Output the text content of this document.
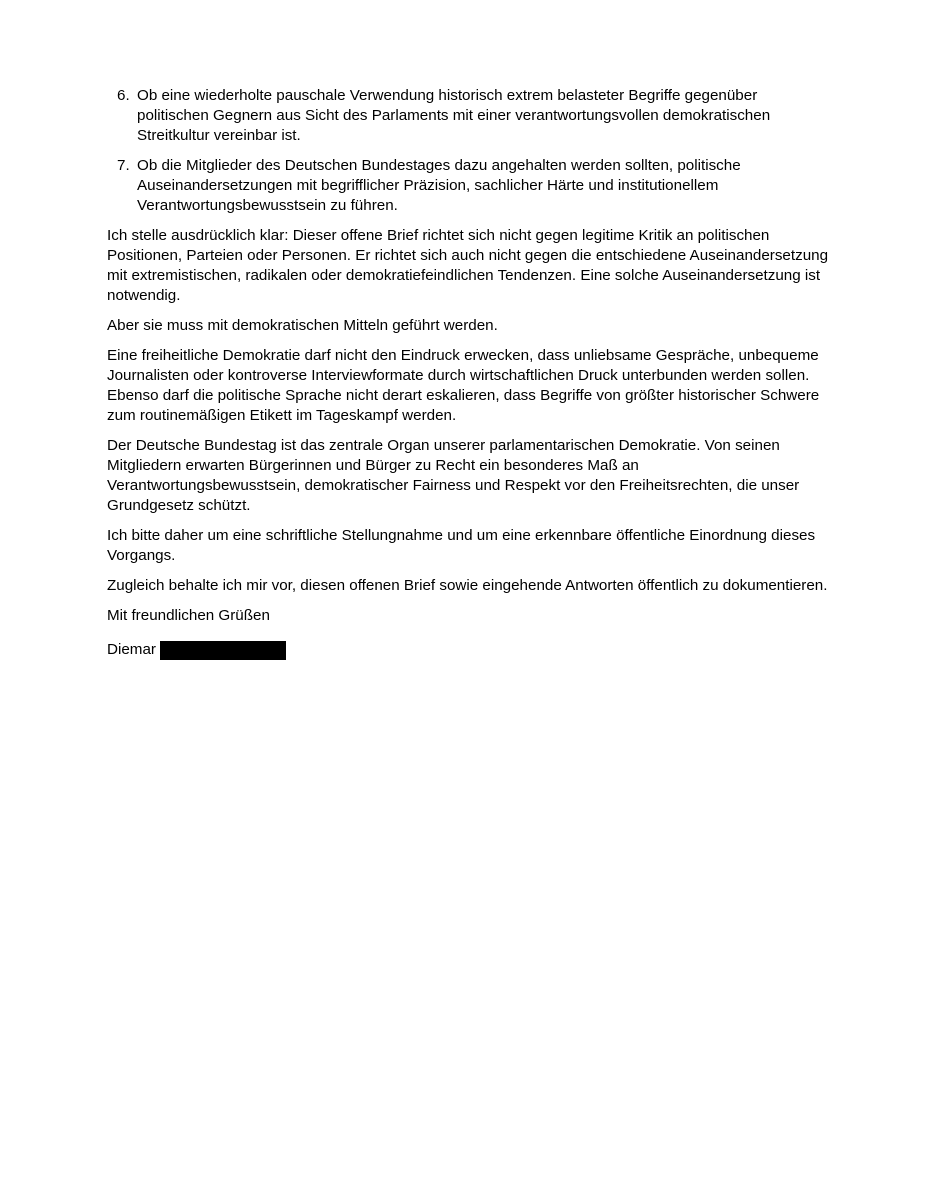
6. Ob eine wiederholte pauschale Verwendung historisch extrem belasteter Begriffe gegenüber politischen Gegnern aus Sicht des Parlaments mit einer verantwortungsvollen demokratischen Streitkultur vereinbar ist.
7. Ob die Mitglieder des Deutschen Bundestages dazu angehalten werden sollten, politische Auseinandersetzungen mit begrifflicher Präzision, sachlicher Härte und institutionellem Verantwortungsbewusstsein zu führen.

Ich stelle ausdrücklich klar: Dieser offene Brief richtet sich nicht gegen legitime Kritik an politischen Positionen, Parteien oder Personen. Er richtet sich auch nicht gegen die entschiedene Auseinandersetzung mit extremistischen, radikalen oder demokratiefeindlichen Tendenzen. Eine solche Auseinandersetzung ist notwendig.

Aber sie muss mit demokratischen Mitteln geführt werden.

Eine freiheitliche Demokratie darf nicht den Eindruck erwecken, dass unliebsame Gespräche, unbequeme Journalisten oder kontroverse Interviewformate durch wirtschaftlichen Druck unterbunden werden sollen. Ebenso darf die politische Sprache nicht derart eskalieren, dass Begriffe von größter historischer Schwere zum routinemäßigen Etikett im Tageskampf werden.

Der Deutsche Bundestag ist das zentrale Organ unserer parlamentarischen Demokratie. Von seinen Mitgliedern erwarten Bürgerinnen und Bürger zu Recht ein besonderes Maß an Verantwortungsbewusstsein, demokratischer Fairness und Respekt vor den Freiheitsrechten, die unser Grundgesetz schützt.

Ich bitte daher um eine schriftliche Stellungnahme und um eine erkennbare öffentliche Einordnung dieses Vorgangs.

Zugleich behalte ich mir vor, diesen offenen Brief sowie eingehende Antworten öffentlich zu dokumentieren.

Mit freundlichen Grüßen

Diemar
